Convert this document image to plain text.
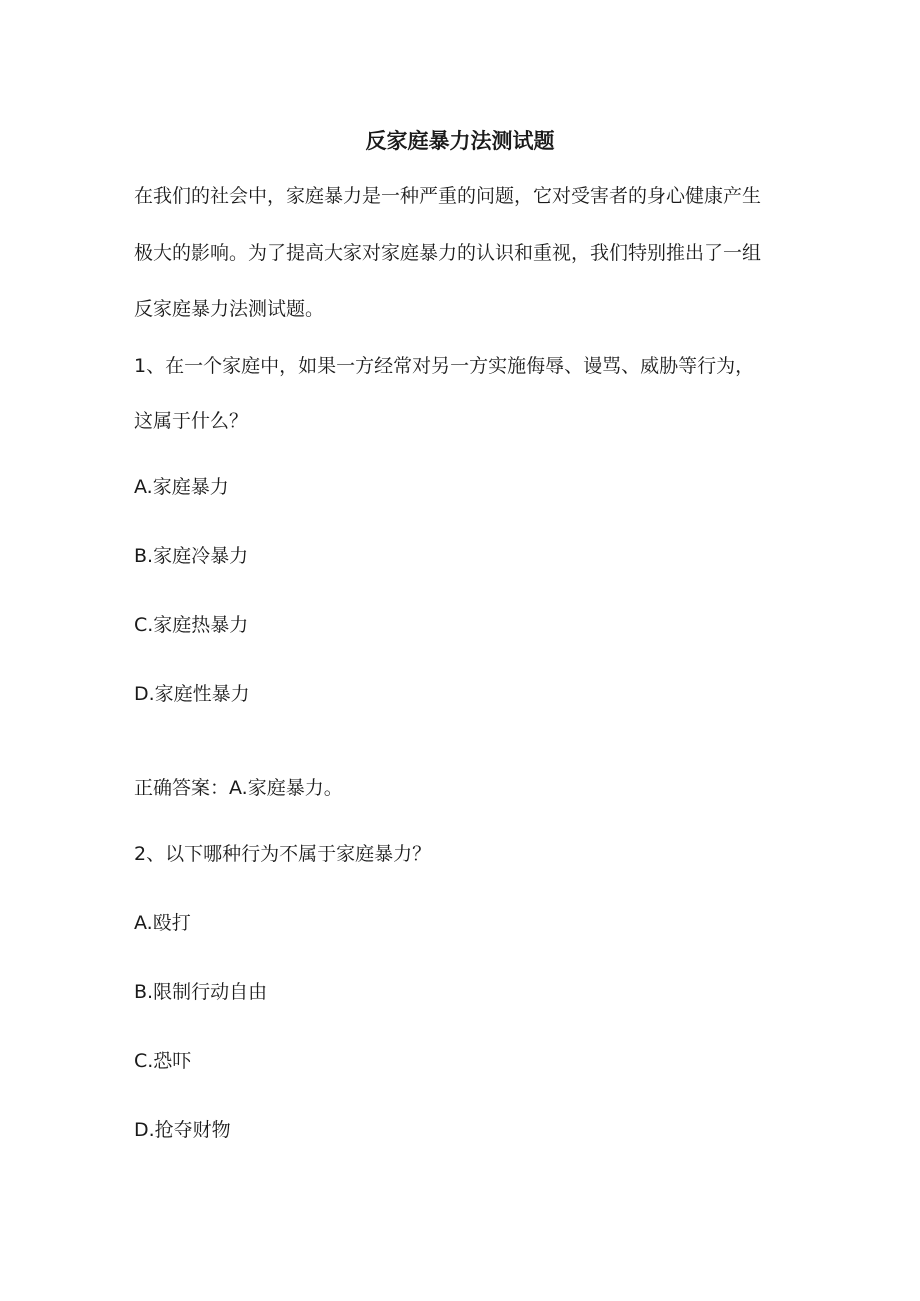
反家庭暴力法测试题
在我们的社会中，家庭暴力是一种严重的问题，它对受害者的身心健康产生
极大的影响。为了提高大家对家庭暴力的认识和重视，我们特别推出了一组
反家庭暴力法测试题。
1、在一个家庭中，如果一方经常对另一方实施侮辱、谩骂、威胁等行为，
这属于什么？
A.家庭暴力
B.家庭冷暴力
C.家庭热暴力
D.家庭性暴力
正确答案：A.家庭暴力。
2、以下哪种行为不属于家庭暴力？
A.殴打
B.限制行动自由
C.恐吓
D.抢夺财物
